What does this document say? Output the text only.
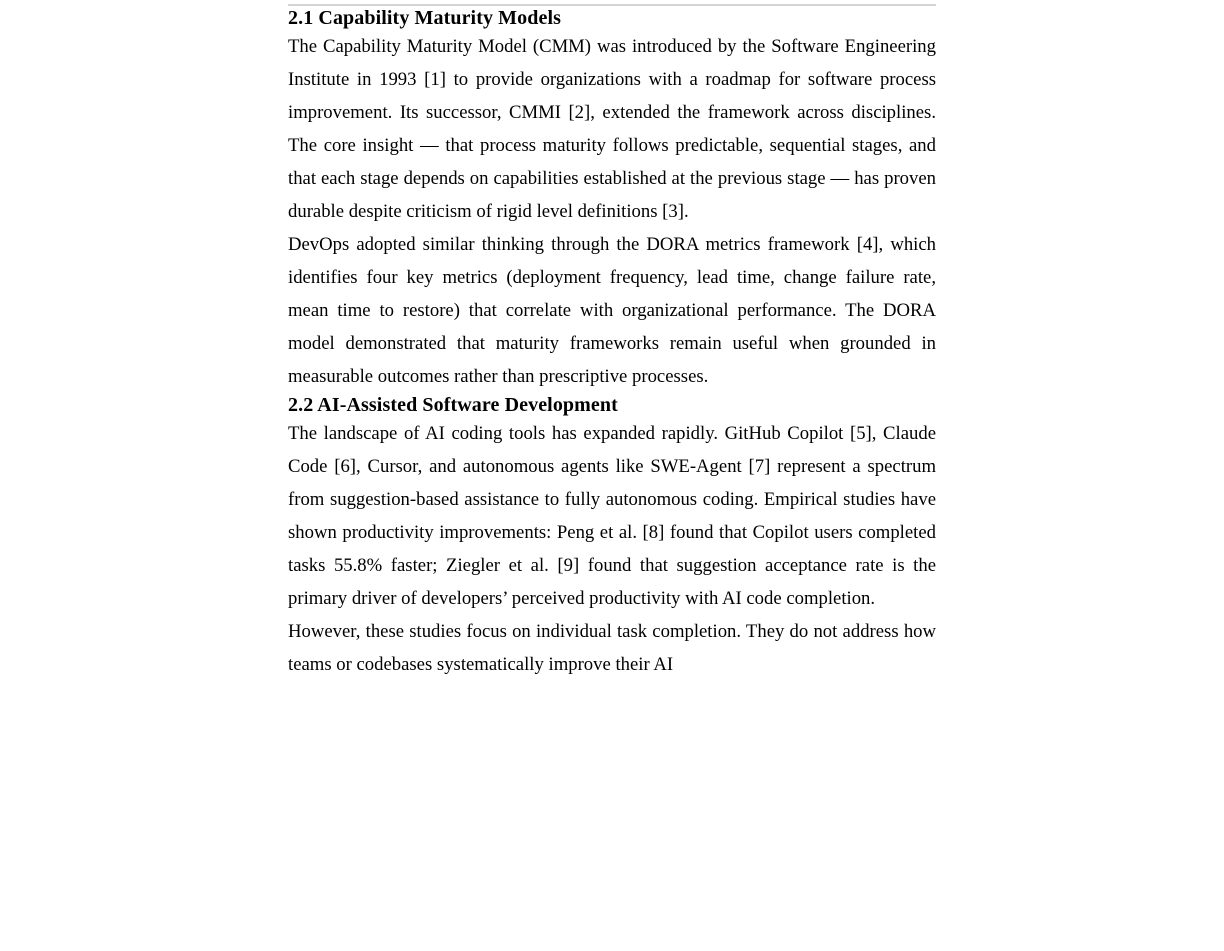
2.1 Capability Maturity Models

The Capability Maturity Model (CMM) was introduced by the Software Engineering Institute in 1993 [1] to provide organizations with a roadmap for software process improvement. Its successor, CMMI [2], extended the framework across disciplines. The core insight — that process maturity follows predictable, sequential stages, and that each stage depends on capabilities established at the previous stage — has proven durable despite criticism of rigid level definitions [3].

DevOps adopted similar thinking through the DORA metrics framework [4], which identifies four key metrics (deployment frequency, lead time, change failure rate, mean time to restore) that correlate with organizational performance. The DORA model demonstrated that maturity frameworks remain useful when grounded in measurable outcomes rather than prescriptive processes.

2.2 AI-Assisted Software Development

The landscape of AI coding tools has expanded rapidly. GitHub Copilot [5], Claude Code [6], Cursor, and autonomous agents like SWE-Agent [7] represent a spectrum from suggestion-based assistance to fully autonomous coding. Empirical studies have shown productivity improvements: Peng et al. [8] found that Copilot users completed tasks 55.8% faster; Ziegler et al. [9] found that suggestion acceptance rate is the primary driver of developers’ perceived productivity with AI code completion.

However, these studies focus on individual task completion. They do not address how teams or codebases systematically improve their AI
